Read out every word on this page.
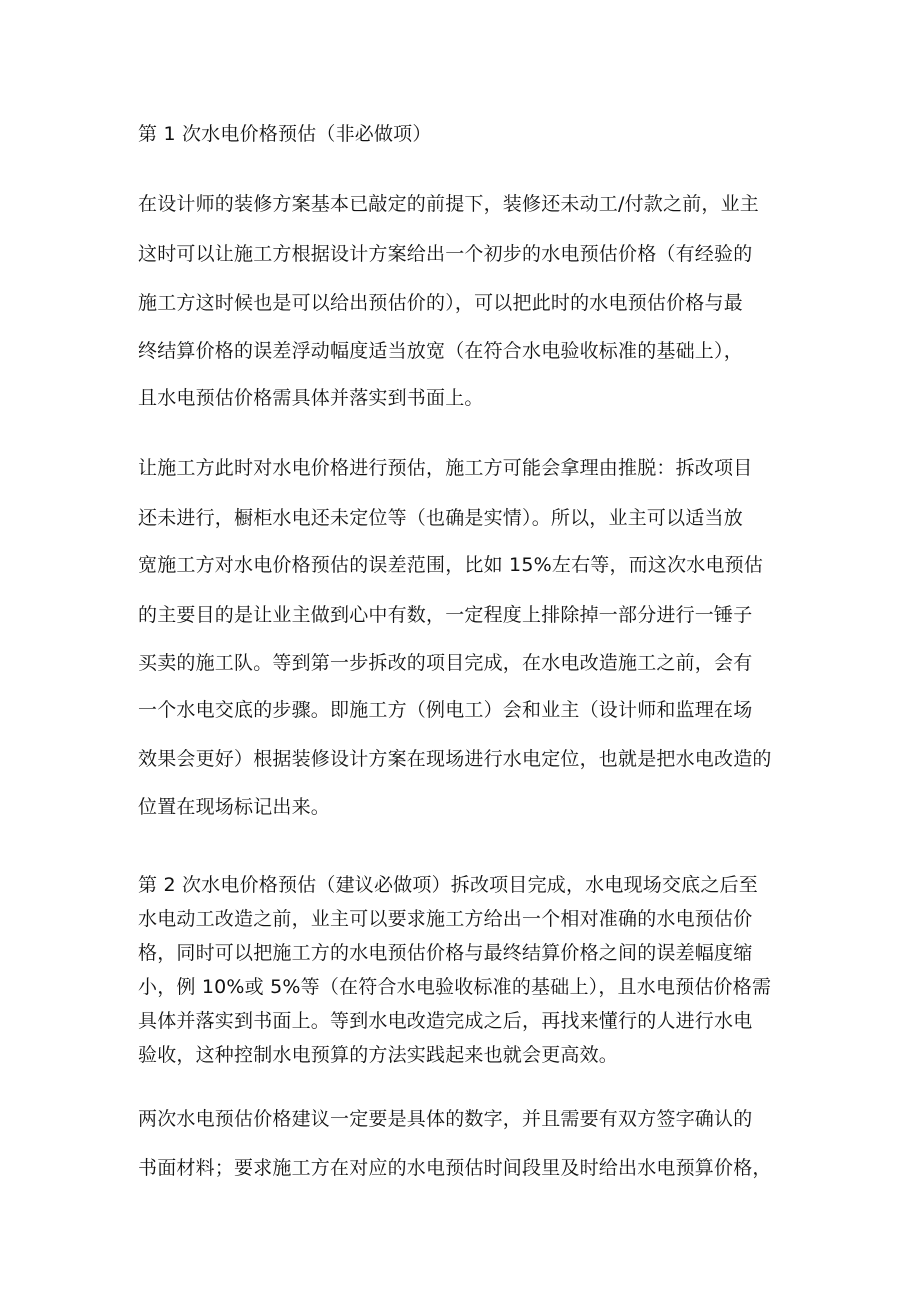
第 1 次水电价格预估（非必做项）
在设计师的装修方案基本已敲定的前提下，装修还未动工/付款之前，业主
这时可以让施工方根据设计方案给出一个初步的水电预估价格（有经验的
施工方这时候也是可以给出预估价的），可以把此时的水电预估价格与最
终结算价格的误差浮动幅度适当放宽（在符合水电验收标准的基础上），
且水电预估价格需具体并落实到书面上。
让施工方此时对水电价格进行预估，施工方可能会拿理由推脱：拆改项目
还未进行，橱柜水电还未定位等（也确是实情）。所以，业主可以适当放
宽施工方对水电价格预估的误差范围，比如 15%左右等，而这次水电预估
的主要目的是让业主做到心中有数，一定程度上排除掉一部分进行一锤子
买卖的施工队。等到第一步拆改的项目完成，在水电改造施工之前，会有
一个水电交底的步骤。即施工方（例电工）会和业主（设计师和监理在场
效果会更好）根据装修设计方案在现场进行水电定位，也就是把水电改造的
位置在现场标记出来。
第 2 次水电价格预估（建议必做项）拆改项目完成，水电现场交底之后至
水电动工改造之前，业主可以要求施工方给出一个相对准确的水电预估价
格，同时可以把施工方的水电预估价格与最终结算价格之间的误差幅度缩
小，例 10%或 5%等（在符合水电验收标准的基础上），且水电预估价格需
具体并落实到书面上。等到水电改造完成之后，再找来懂行的人进行水电
验收，这种控制水电预算的方法实践起来也就会更高效。
两次水电预估价格建议一定要是具体的数字，并且需要有双方签字确认的
书面材料；要求施工方在对应的水电预估时间段里及时给出水电预算价格，
